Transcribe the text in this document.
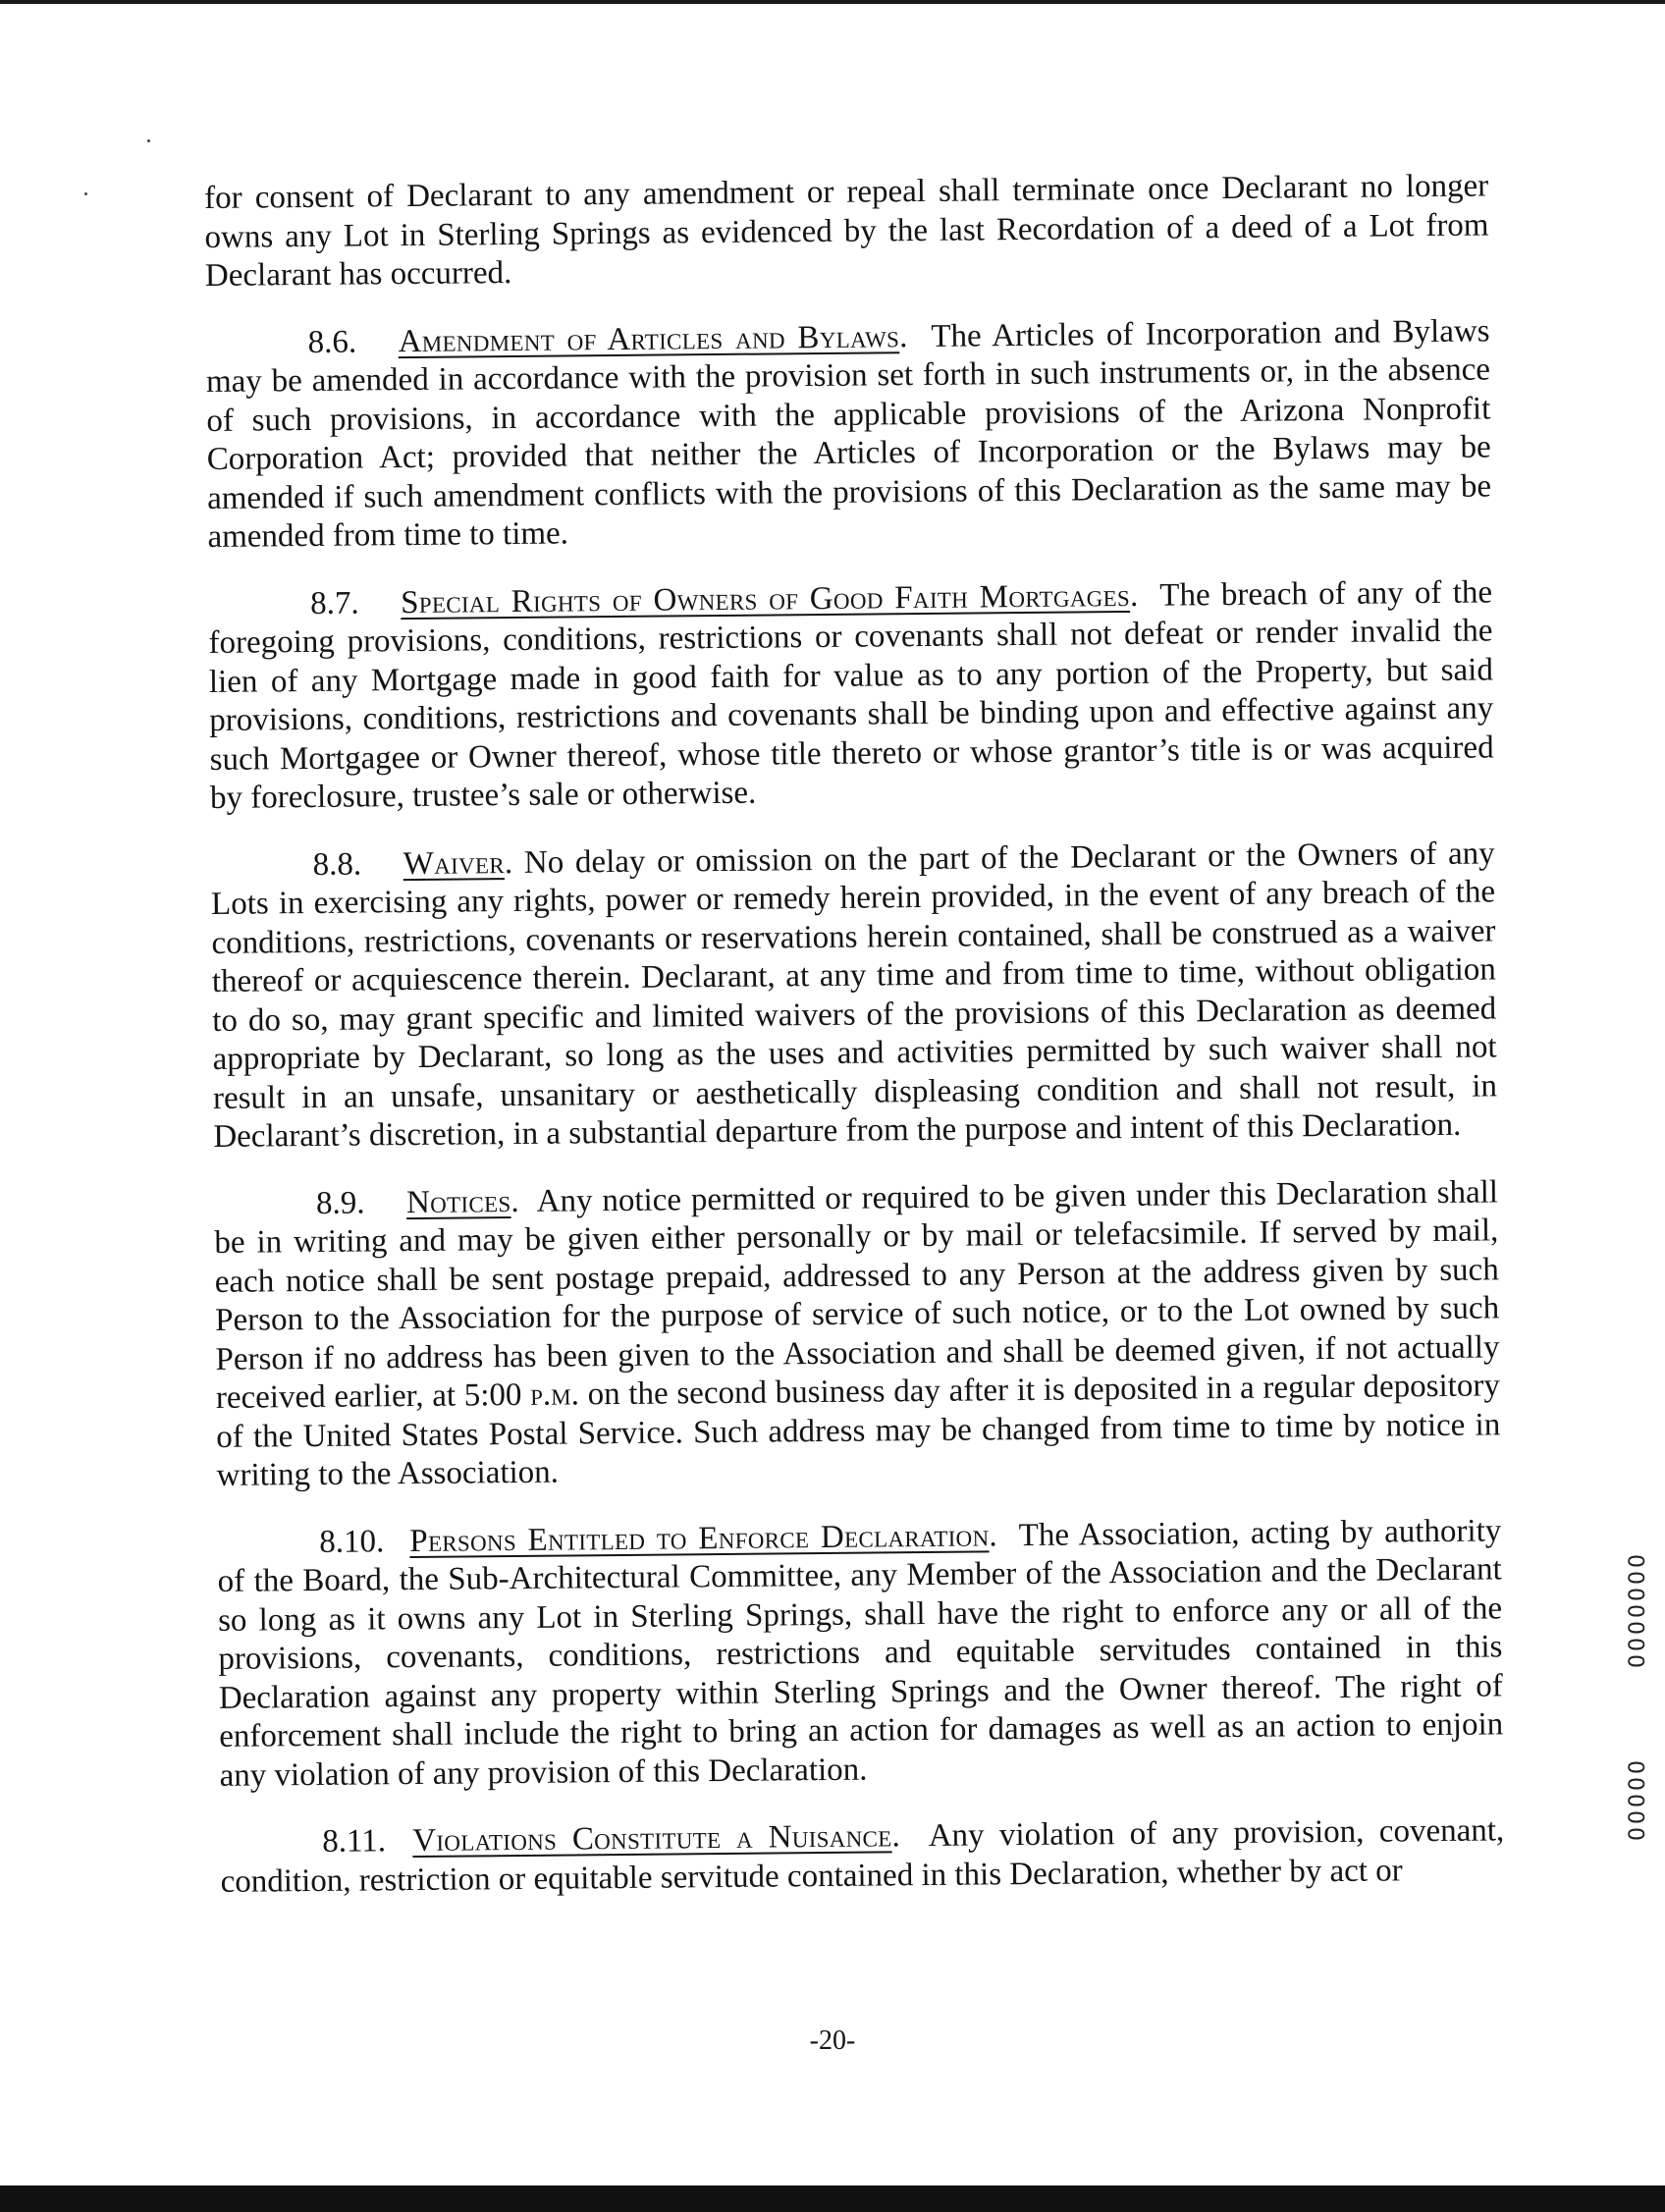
for consent of Declarant to any amendment or repeal shall terminate once Declarant no longer owns any Lot in Sterling Springs as evidenced by the last Recordation of a deed of a Lot from Declarant has occurred.

8.6. Amendment of Articles and Bylaws.  The Articles of Incorporation and Bylaws may be amended in accordance with the provision set forth in such instruments or, in the absence of such provisions, in accordance with the applicable provisions of the Arizona Nonprofit Corporation Act; provided that neither the Articles of Incorporation or the Bylaws may be amended if such amendment conflicts with the provisions of this Declaration as the same may be amended from time to time.

8.7. Special Rights of Owners of Good Faith Mortgages.  The breach of any of the foregoing provisions, conditions, restrictions or covenants shall not defeat or render invalid the lien of any Mortgage made in good faith for value as to any portion of the Property, but said provisions, conditions, restrictions and covenants shall be binding upon and effective against any such Mortgagee or Owner thereof, whose title thereto or whose grantor’s title is or was acquired by foreclosure, trustee’s sale or otherwise.

8.8. Waiver. No delay or omission on the part of the Declarant or the Owners of any Lots in exercising any rights, power or remedy herein provided, in the event of any breach of the conditions, restrictions, covenants or reservations herein contained, shall be construed as a waiver thereof or acquiescence therein. Declarant, at any time and from time to time, without obligation to do so, may grant specific and limited waivers of the provisions of this Declaration as deemed appropriate by Declarant, so long as the uses and activities permitted by such waiver shall not result in an unsafe, unsanitary or aesthetically displeasing condition and shall not result, in Declarant’s discretion, in a substantial departure from the purpose and intent of this Declaration.

8.9. Notices.  Any notice permitted or required to be given under this Declaration shall be in writing and may be given either personally or by mail or telefacsimile. If served by mail, each notice shall be sent postage prepaid, addressed to any Person at the address given by such Person to the Association for the purpose of service of such notice, or to the Lot owned by such Person if no address has been given to the Association and shall be deemed given, if not actually received earlier, at 5:00 p.m. on the second business day after it is deposited in a regular depository of the United States Postal Service. Such address may be changed from time to time by notice in writing to the Association.

8.10. Persons Entitled to Enforce Declaration.  The Association, acting by authority of the Board, the Sub-Architectural Committee, any Member of the Association and the Declarant so long as it owns any Lot in Sterling Springs, shall have the right to enforce any or all of the provisions, covenants, conditions, restrictions and equitable servitudes contained in this Declaration against any property within Sterling Springs and the Owner thereof. The right of enforcement shall include the right to bring an action for damages as well as an action to enjoin any violation of any provision of this Declaration.

8.11. Violations Constitute a Nuisance.  Any violation of any provision, covenant, condition, restriction or equitable servitude contained in this Declaration, whether by act or

-20-
0000000
00000
